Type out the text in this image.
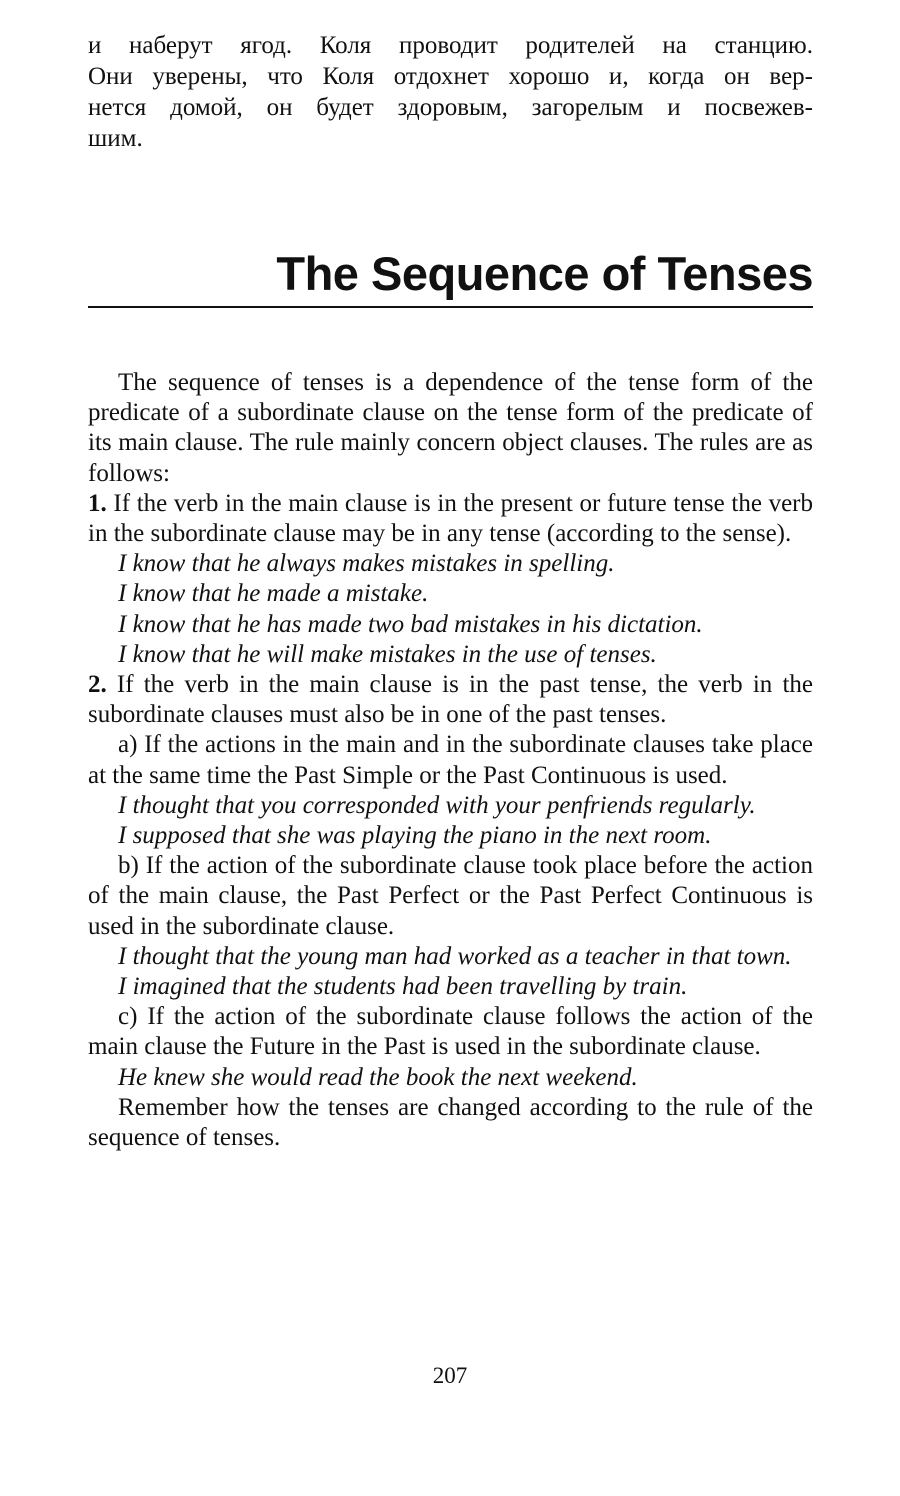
и наберут ягод. Коля проводит родителей на станцию.
Они уверены, что Коля отдохнет хорошо и, когда он вер-
нется домой, он будет здоровым, загорелым и посвежев-
шим.
The Sequence of Tenses

The sequence of tenses is a dependence of the tense form of the predicate of a subordinate clause on the tense form of the predicate of its main clause. The rule mainly concern object clauses. The rules are as follows:

1. If the verb in the main clause is in the present or future tense the verb in the subordinate clause may be in any tense (according to the sense).

I know that he always makes mistakes in spelling.

I know that he made a mistake.

I know that he has made two bad mistakes in his dictation.

I know that he will make mistakes in the use of tenses.

2. If the verb in the main clause is in the past tense, the verb in the subordinate clauses must also be in one of the past tenses.

a) If the actions in the main and in the subordinate clauses take place at the same time the Past Simple or the Past Continuous is used.

I thought that you corresponded with your penfriends regularly.

I supposed that she was playing the piano in the next room.

b) If the action of the subordinate clause took place before the action of the main clause, the Past Perfect or the Past Perfect Continuous is used in the subordinate clause.

I thought that the young man had worked as a teacher in that town.

I imagined that the students had been travelling by train.

c) If the action of the subordinate clause follows the action of the main clause the Future in the Past is used in the subordinate clause.

He knew she would read the book the next weekend.

Remember how the tenses are changed according to the rule of the sequence of tenses.

207
